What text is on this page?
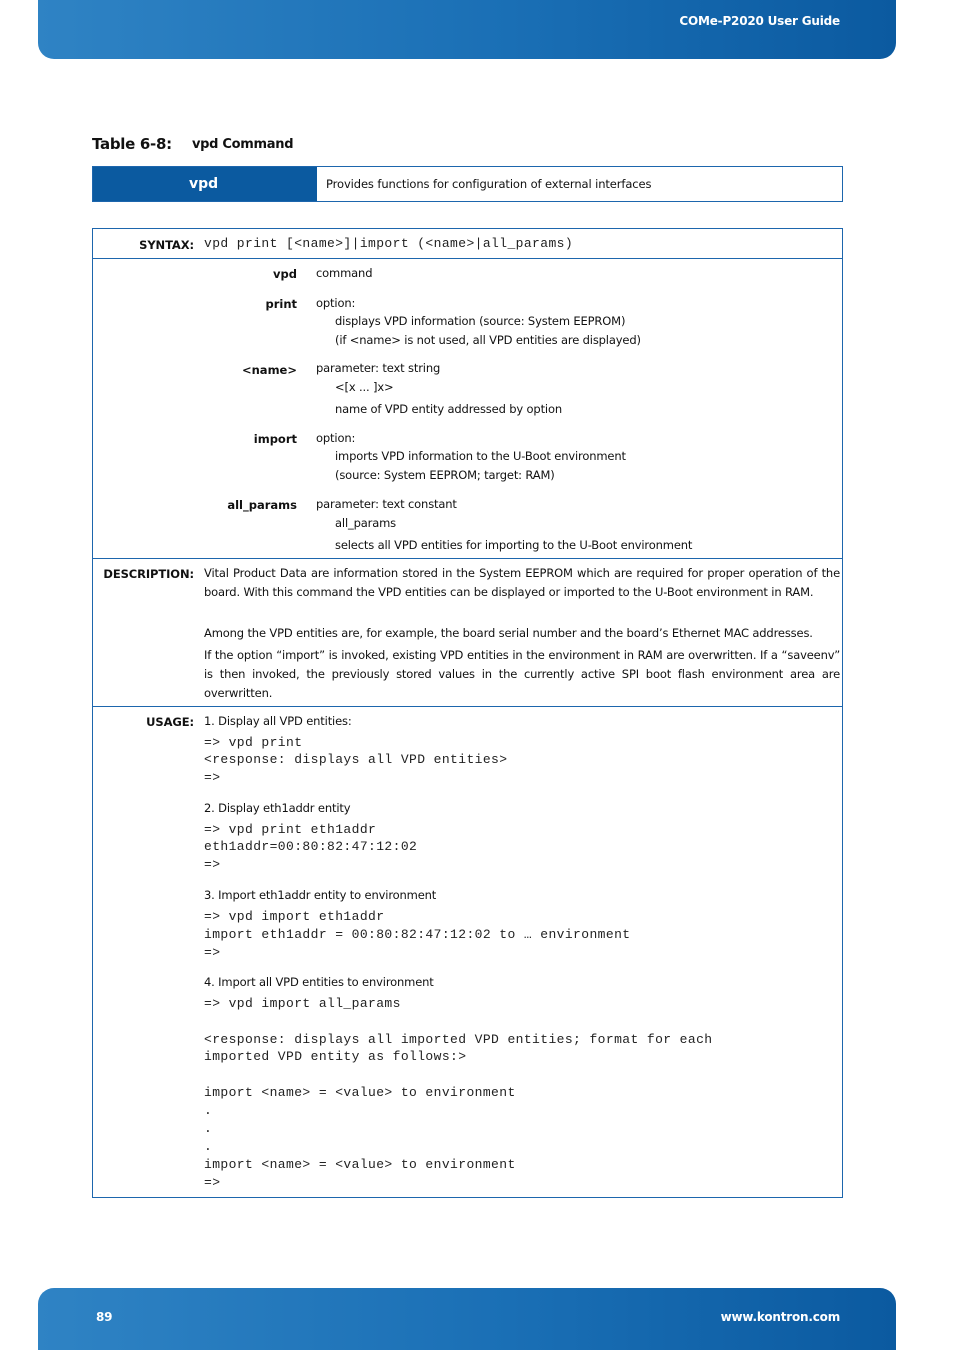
COMe-P2020 User Guide
Table 6-8: vpd Command
vpd	Provides functions for configuration of external interfaces
SYNTAX: vpd print [<name>]|import (<name>|all_params)
vpd command
print option:
displays VPD information (source: System EEPROM)
(if <name> is not used, all VPD entities are displayed)
<name> parameter: text string
<[x ... ]x>
name of VPD entity addressed by option
import option:
imports VPD information to the U-Boot environment
(source: System EEPROM; target: RAM)
all_params parameter: text constant
all_params
selects all VPD entities for importing to the U-Boot environment
DESCRIPTION: Vital Product Data are information stored in the System EEPROM which are required for proper operation of the board. With this command the VPD entities can be displayed or imported to the U-Boot environment in RAM.

Among the VPD entities are, for example, the board serial number and the board’s Ethernet MAC addresses.

If the option “import” is invoked, existing VPD entities in the environment in RAM are overwritten. If a “saveenv” is then invoked, the previously stored values in the currently active SPI boot flash environment area are overwritten.

USAGE: 1. Display all VPD entities:
=> vpd print
<response: displays all VPD entities>
=>
2. Display eth1addr entity
=> vpd print eth1addr
eth1addr=00:80:82:47:12:02
=>
3. Import eth1addr entity to environment
=> vpd import eth1addr
import eth1addr = 00:80:82:47:12:02 to … environment
=>
4. Import all VPD entities to environment
=> vpd import all_params
<response: displays all imported VPD entities; format for each
imported VPD entity as follows:>
import <name> = <value> to environment
.
.
.
import <name> = <value> to environment
=>
89	www.kontron.com
